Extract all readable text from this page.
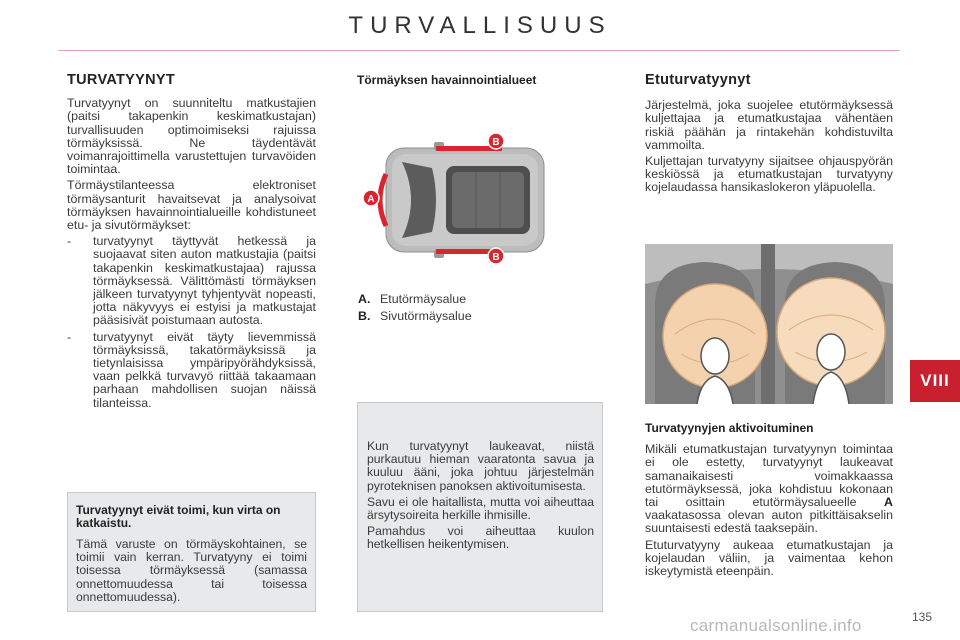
TURVALLISUUS
TURVATYYNYT

Turvatyynyt on suunniteltu matkustajien (paitsi takapenkin keskimatkustajan) turvallisuuden optimoimiseksi rajuissa törmäyksissä. Ne täydentävät voimanrajoittimella varustettujen turvavöiden toimintaa.

Törmäystilanteessa elektroniset törmäysanturit havaitsevat ja analysoivat törmäyksen havainnointialueille kohdistuneet etu- ja sivutörmäykset:

- turvatyynyt täyttyvät hetkessä ja suojaavat siten auton matkustajia (paitsi takapenkin keskimatkustajaa) rajussa törmäyksessä. Välittömästi törmäyksen jälkeen turvatyynyt tyhjentyvät nopeasti, jotta näkyvyys ei estyisi ja matkustajat pääsisivät poistumaan autosta.
- turvatyynyt eivät täyty lievemmissä törmäyksissä, takatörmäyksissä ja tietynlaisissa ympäripyörähdyksissä, vaan pelkkä turvavyö riittää takaamaan parhaan mahdollisen suojan näissä tilanteissa.
Turvatyynyt eivät toimi, kun virta on katkaistu.

Tämä varuste on törmäyskohtainen, se toimii vain kerran. Turvatyyny ei toimi toisessa törmäyksessä (samassa onnettomuudessa tai toisessa onnettomuudessa).

Törmäyksen havainnointialueet
A
B
B
A. Etutörmäysalue
B. Sivutörmäysalue

Kun turvatyynyt laukeavat, niistä purkautuu hieman vaaratonta savua ja kuuluu ääni, joka johtuu järjestelmän pyroteknisen panoksen aktivoitumisesta.

Savu ei ole haitallista, mutta voi aiheuttaa ärsytysoireita herkille ihmisille.

Pamahdus voi aiheuttaa kuulon hetkellisen heikentymisen.

Etuturvatyynyt

Järjestelmä, joka suojelee etutörmäyksessä kuljettajaa ja etumatkustajaa vähentäen riskiä päähän ja rintakehän kohdistuvilta vammoilta.

Kuljettajan turvatyyny sijaitsee ohjauspyörän keskiössä ja etumatkustajan turvatyyny kojelaudassa hansikaslokeron yläpuolella.

Turvatyynyjen aktivoituminen

Mikäli etumatkustajan turvatyynyn toimintaa ei ole estetty, turvatyynyt laukeavat samanaikaisesti voimakkaassa etutörmäyksessä, joka kohdistuu kokonaan tai osittain etutörmäysalueelle A vaakatasossa olevan auton pitkittäisakselin suuntaisesti edestä taaksepäin.

Etuturvatyyny aukeaa etumatkustajan ja kojelaudan väliin, ja vaimentaa kehon iskeytymistä eteenpäin.

VIII
carmanualsonline.info	135
